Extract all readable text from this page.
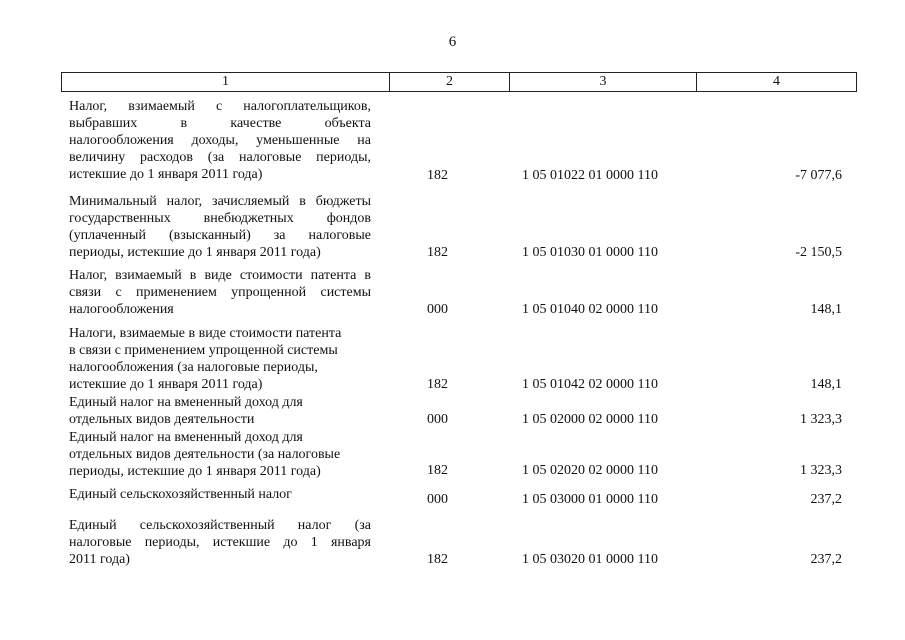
6
1	2	3	4
Налог, взимаемый с налогоплательщиков,
выбравших в качестве объекта
налогообложения доходы, уменьшенные на
величину расходов (за налоговые периоды,
истекшие до 1 января 2011 года)	182	1 05 01022 01 0000 110	-7 077,6
Минимальный налог, зачисляемый в бюджеты
государственных внебюджетных фондов
(уплаченный (взысканный) за налоговые
периоды, истекшие до 1 января 2011 года)	182	1 05 01030 01 0000 110	-2 150,5
Налог, взимаемый в виде стоимости патента в
связи с применением упрощенной системы
налогообложения	000	1 05 01040 02 0000 110	148,1
Налоги, взимаемые в виде стоимости патента
в связи с применением упрощенной системы
налогообложения (за налоговые периоды,
истекшие до 1 января 2011 года)	182	1 05 01042 02 0000 110	148,1
Единый налог на вмененный доход для
отдельных видов деятельности	000	1 05 02000 02 0000 110	1 323,3
Единый налог на вмененный доход для
отдельных видов деятельности (за налоговые
периоды, истекшие до 1 января 2011 года)	182	1 05 02020 02 0000 110	1 323,3
Единый сельскохозяйственный налог	000	1 05 03000 01 0000 110	237,2
Единый сельскохозяйственный налог (за
налоговые периоды, истекшие до 1 января
2011 года)	182	1 05 03020 01 0000 110	237,2
